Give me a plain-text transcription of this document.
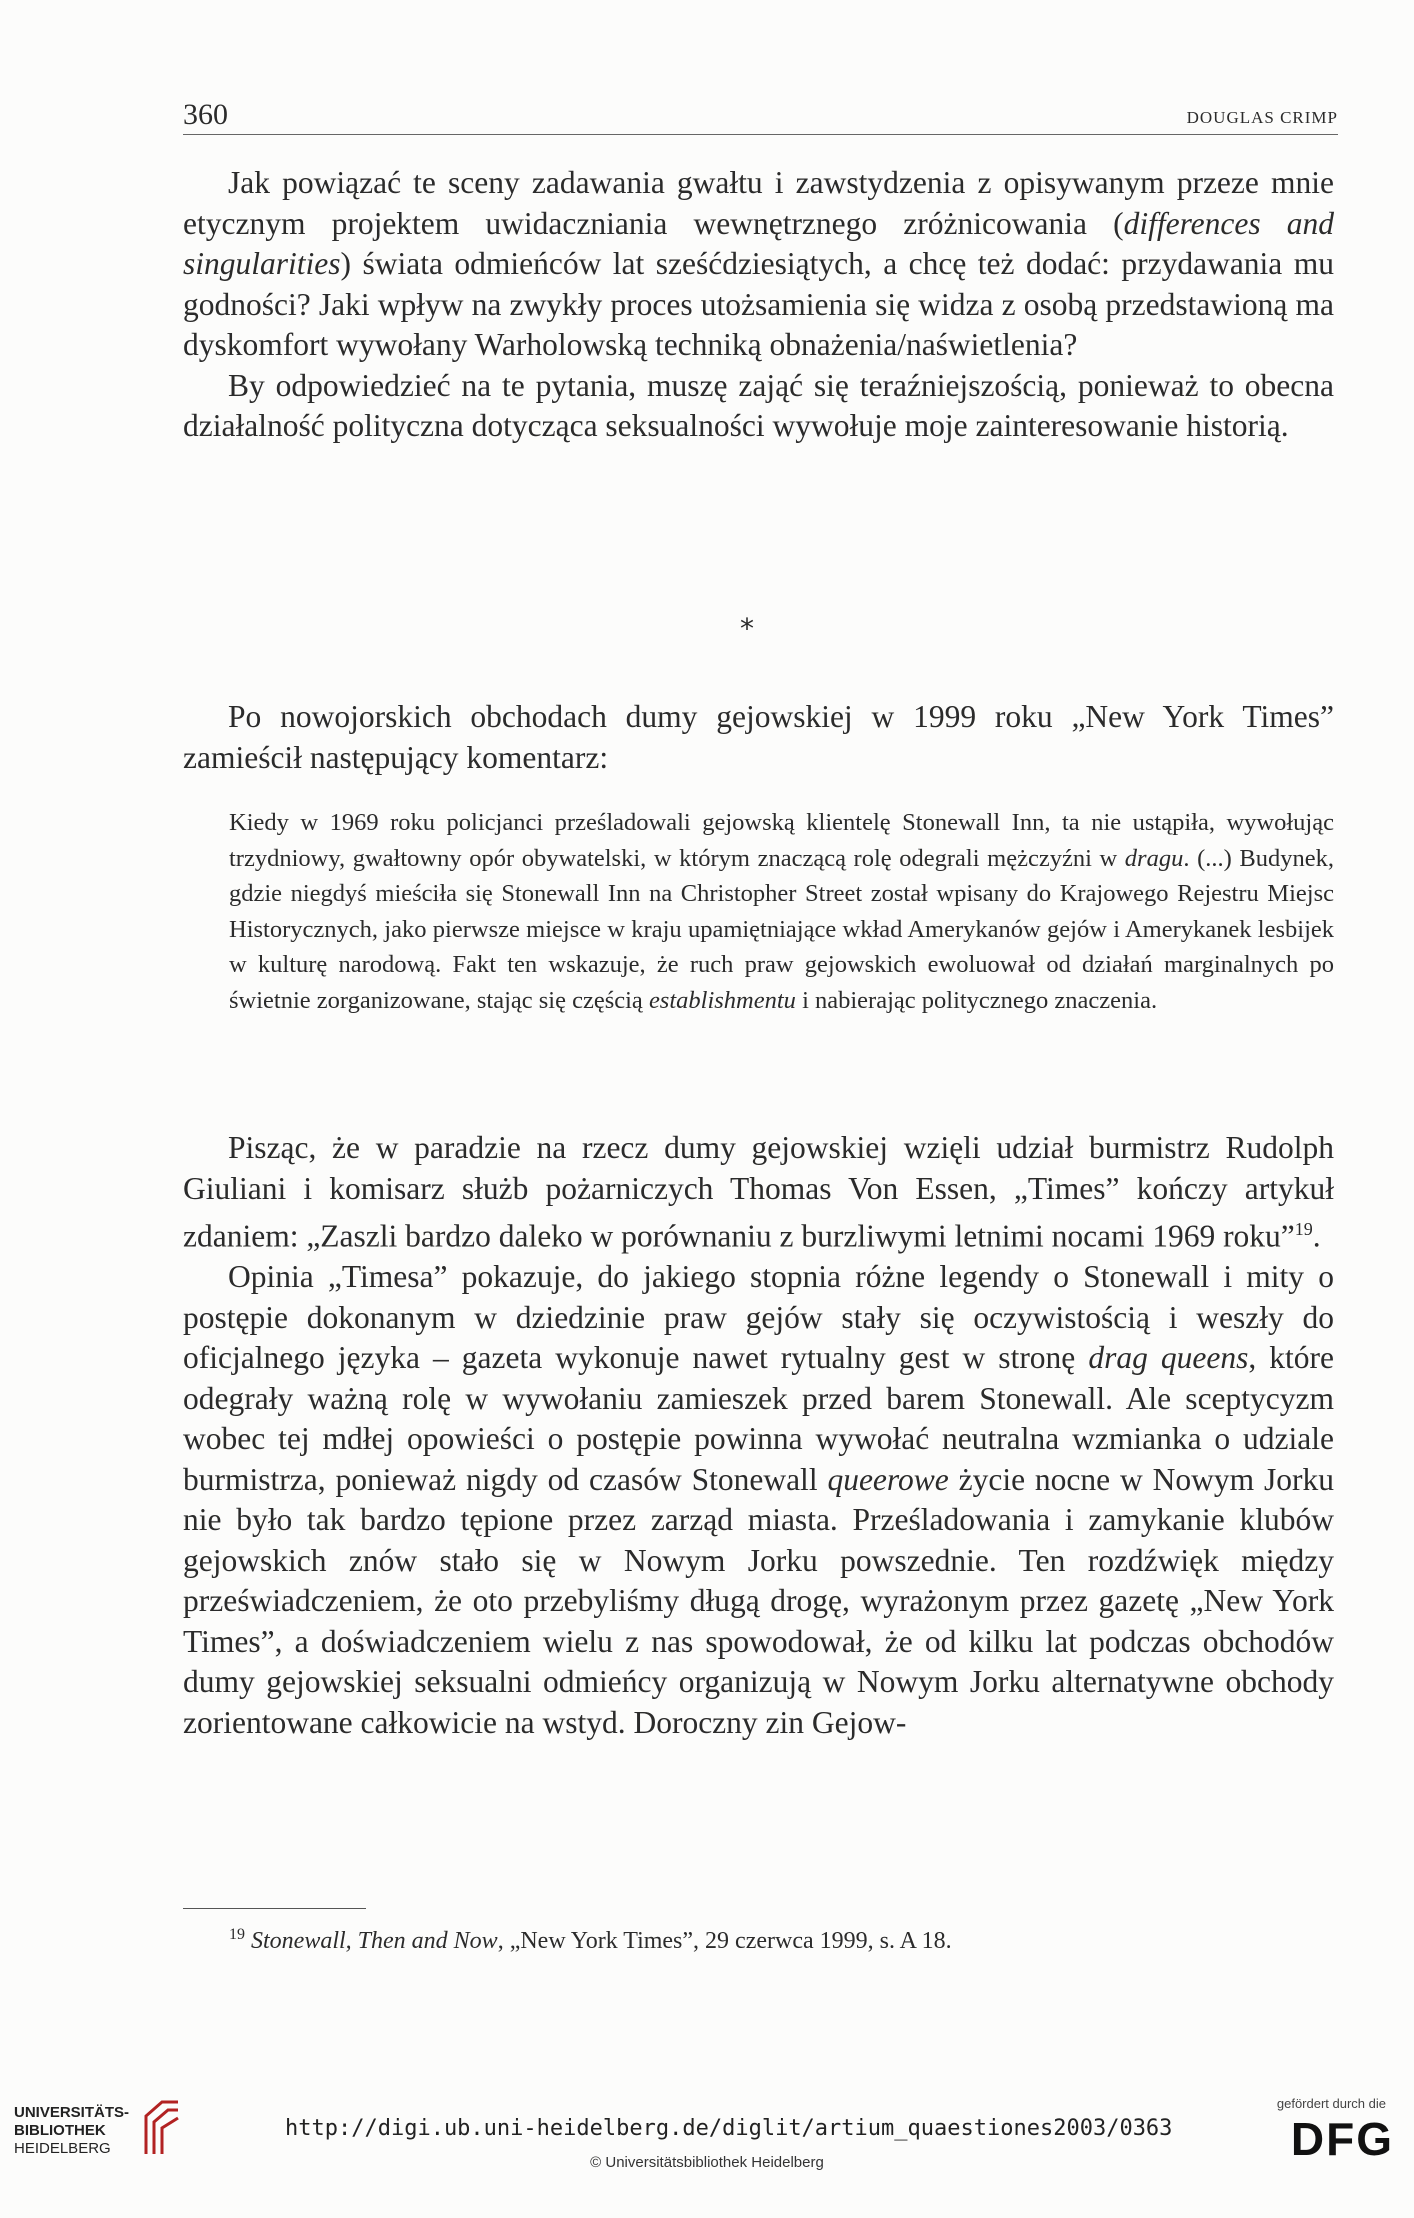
360	DOUGLAS CRIMP

Jak powiązać te sceny zadawania gwałtu i zawstydzenia z opisywanym przeze mnie etycznym projektem uwidaczniania wewnętrznego zróżnicowania (differences and singularities) świata odmieńców lat sześćdziesiątych, a chcę też dodać: przydawania mu godności? Jaki wpływ na zwykły proces utożsamienia się widza z osobą przedstawioną ma dyskomfort wywołany Warholowską techniką obnażenia/naświetlenia?

By odpowiedzieć na te pytania, muszę zająć się teraźniejszością, ponieważ to obecna działalność polityczna dotycząca seksualności wywołuje moje zainteresowanie historią.

*

Po nowojorskich obchodach dumy gejowskiej w 1999 roku „New York Times” zamieścił następujący komentarz:

Kiedy w 1969 roku policjanci prześladowali gejowską klientelę Stonewall Inn, ta nie ustąpiła, wywołując trzydniowy, gwałtowny opór obywatelski, w którym znaczącą rolę odegrali mężczyźni w dragu. (...) Budynek, gdzie niegdyś mieściła się Stonewall Inn na Christopher Street został wpisany do Krajowego Rejestru Miejsc Historycznych, jako pierwsze miejsce w kraju upamiętniające wkład Amerykanów gejów i Amerykanek lesbijek w kulturę narodową. Fakt ten wskazuje, że ruch praw gejowskich ewoluował od działań marginalnych po świetnie zorganizowane, stając się częścią establishmentu i nabierając politycznego znaczenia.

Pisząc, że w paradzie na rzecz dumy gejowskiej wzięli udział burmistrz Rudolph Giuliani i komisarz służb pożarniczych Thomas Von Essen, „Times” kończy artykuł zdaniem: „Zaszli bardzo daleko w porównaniu z burzliwymi letnimi nocami 1969 roku”$^{19}$.

Opinia „Timesa” pokazuje, do jakiego stopnia różne legendy o Stonewall i mity o postępie dokonanym w dziedzinie praw gejów stały się oczywistością i weszły do oficjalnego języka – gazeta wykonuje nawet rytualny gest w stronę drag queens, które odegrały ważną rolę w wywołaniu zamieszek przed barem Stonewall. Ale sceptycyzm wobec tej mdłej opowieści o postępie powinna wywołać neutralna wzmianka o udziale burmistrza, ponieważ nigdy od czasów Stonewall queerowe życie nocne w Nowym Jorku nie było tak bardzo tępione przez zarząd miasta. Prześladowania i zamykanie klubów gejowskich znów stało się w Nowym Jorku powszednie. Ten rozdźwięk między przeświadczeniem, że oto przebyliśmy długą drogę, wyrażonym przez gazetę „New York Times”, a doświadczeniem wielu z nas spowodował, że od kilku lat podczas obchodów dumy gejowskiej seksualni odmieńcy organizują w Nowym Jorku alternatywne obchody zorientowane całkowicie na wstyd. Doroczny zin Gejow-

$^{19}$ Stonewall, Then and Now, „New York Times”, 29 czerwca 1999, s. A 18.
UNIVERSITÄTS-
BIBLIOTHEK
HEIDELBERG
http://digi.ub.uni-heidelberg.de/diglit/artium_quaestiones2003/0363
© Universitätsbibliothek Heidelberg
gefördert durch die
DFG
